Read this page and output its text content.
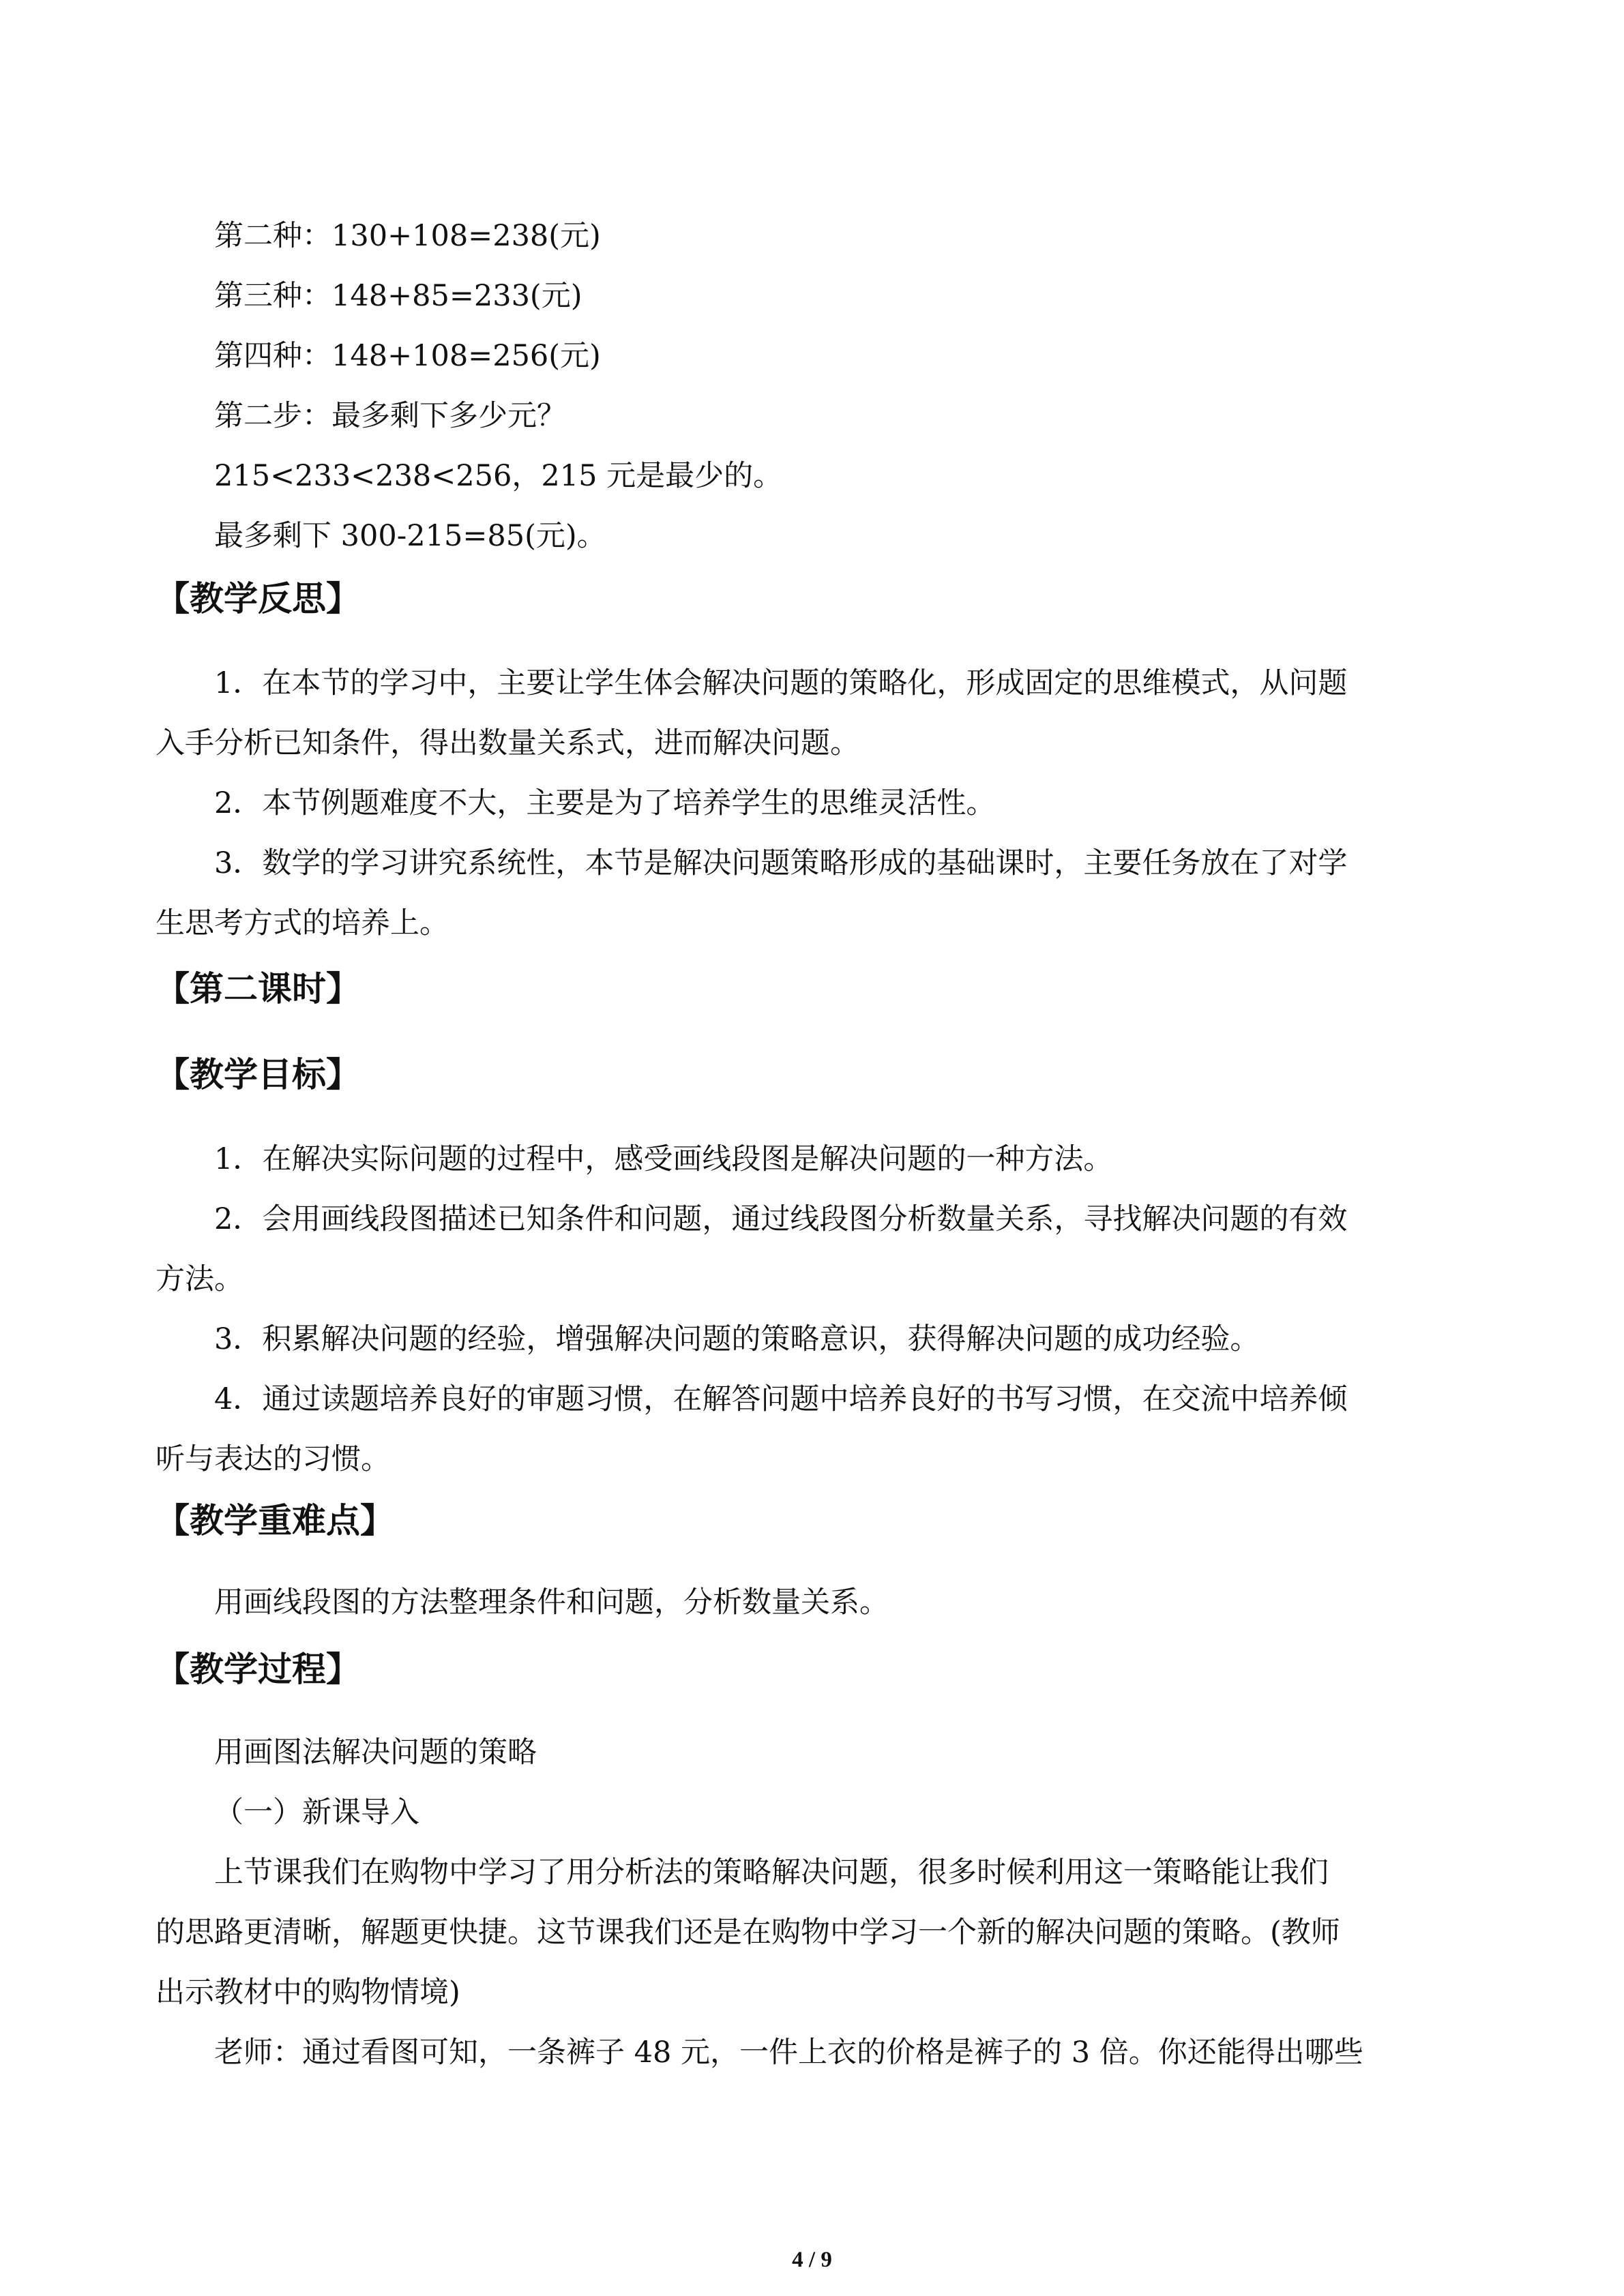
第二种：130+108=238(元)
第三种：148+85=233(元)
第四种：148+108=256(元)
第二步：最多剩下多少元？
215<233<238<256，215 元是最少的。
最多剩下 300-215=85(元)。
【教学反思】
1．在本节的学习中，主要让学生体会解决问题的策略化，形成固定的思维模式，从问题
入手分析已知条件，得出数量关系式，进而解决问题。
2．本节例题难度不大，主要是为了培养学生的思维灵活性。
3．数学的学习讲究系统性，本节是解决问题策略形成的基础课时，主要任务放在了对学
生思考方式的培养上。
【第二课时】
【教学目标】
1．在解决实际问题的过程中，感受画线段图是解决问题的一种方法。
2．会用画线段图描述已知条件和问题，通过线段图分析数量关系，寻找解决问题的有效
方法。
3．积累解决问题的经验，增强解决问题的策略意识，获得解决问题的成功经验。
4．通过读题培养良好的审题习惯，在解答问题中培养良好的书写习惯，在交流中培养倾
听与表达的习惯。
【教学重难点】
用画线段图的方法整理条件和问题，分析数量关系。
【教学过程】
用画图法解决问题的策略
（一）新课导入
上节课我们在购物中学习了用分析法的策略解决问题，很多时候利用这一策略能让我们
的思路更清晰，解题更快捷。这节课我们还是在购物中学习一个新的解决问题的策略。(教师
出示教材中的购物情境)
老师：通过看图可知，一条裤子 48 元，一件上衣的价格是裤子的 3 倍。你还能得出哪些
4 / 9
